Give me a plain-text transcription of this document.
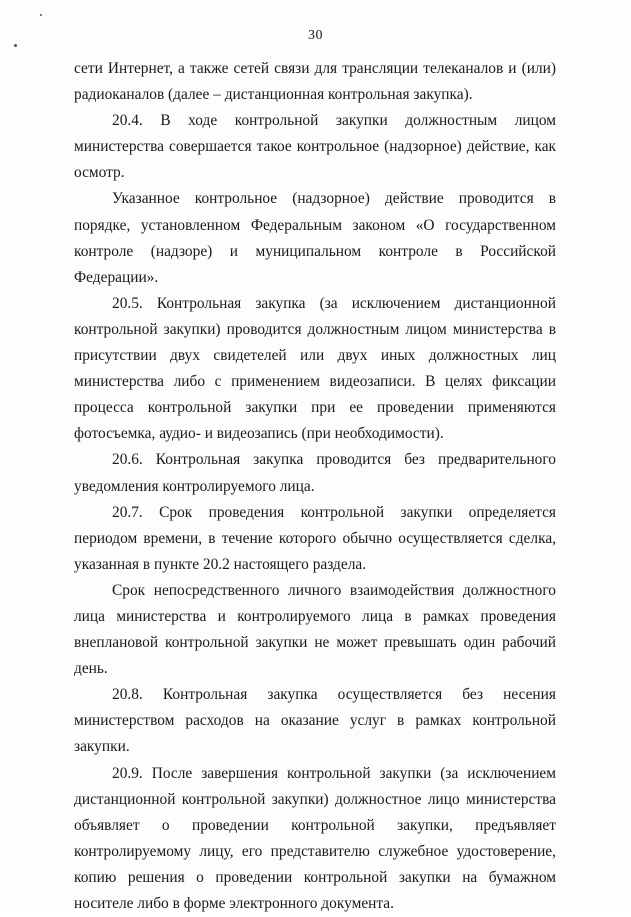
30

сети Интернет, а также сетей связи для трансляции телеканалов и (или) радиоканалов (далее – дистанционная контрольная закупка).

20.4. В ходе контрольной закупки должностным лицом министерства совершается такое контрольное (надзорное) действие, как осмотр.

Указанное контрольное (надзорное) действие проводится в порядке, установленном Федеральным законом «О государственном контроле (надзоре) и муниципальном контроле в Российской Федерации».

20.5. Контрольная закупка (за исключением дистанционной контрольной закупки) проводится должностным лицом министерства в присутствии двух свидетелей или двух иных должностных лиц министерства либо с применением видеозаписи. В целях фиксации процесса контрольной закупки при ее проведении применяются фотосъемка, аудио- и видеозапись (при необходимости).

20.6. Контрольная закупка проводится без предварительного уведомления контролируемого лица.

20.7. Срок проведения контрольной закупки определяется периодом времени, в течение которого обычно осуществляется сделка, указанная в пункте 20.2 настоящего раздела.

Срок непосредственного личного взаимодействия должностного лица министерства и контролируемого лица в рамках проведения внеплановой контрольной закупки не может превышать один рабочий день.

20.8. Контрольная закупка осуществляется без несения министерством расходов на оказание услуг в рамках контрольной закупки.

20.9. После завершения контрольной закупки (за исключением дистанционной контрольной закупки) должностное лицо министерства объявляет о проведении контрольной закупки, предъявляет контролируемому лицу, его представителю служебное удостоверение, копию решения о проведении контрольной закупки на бумажном носителе либо в форме электронного документа.
